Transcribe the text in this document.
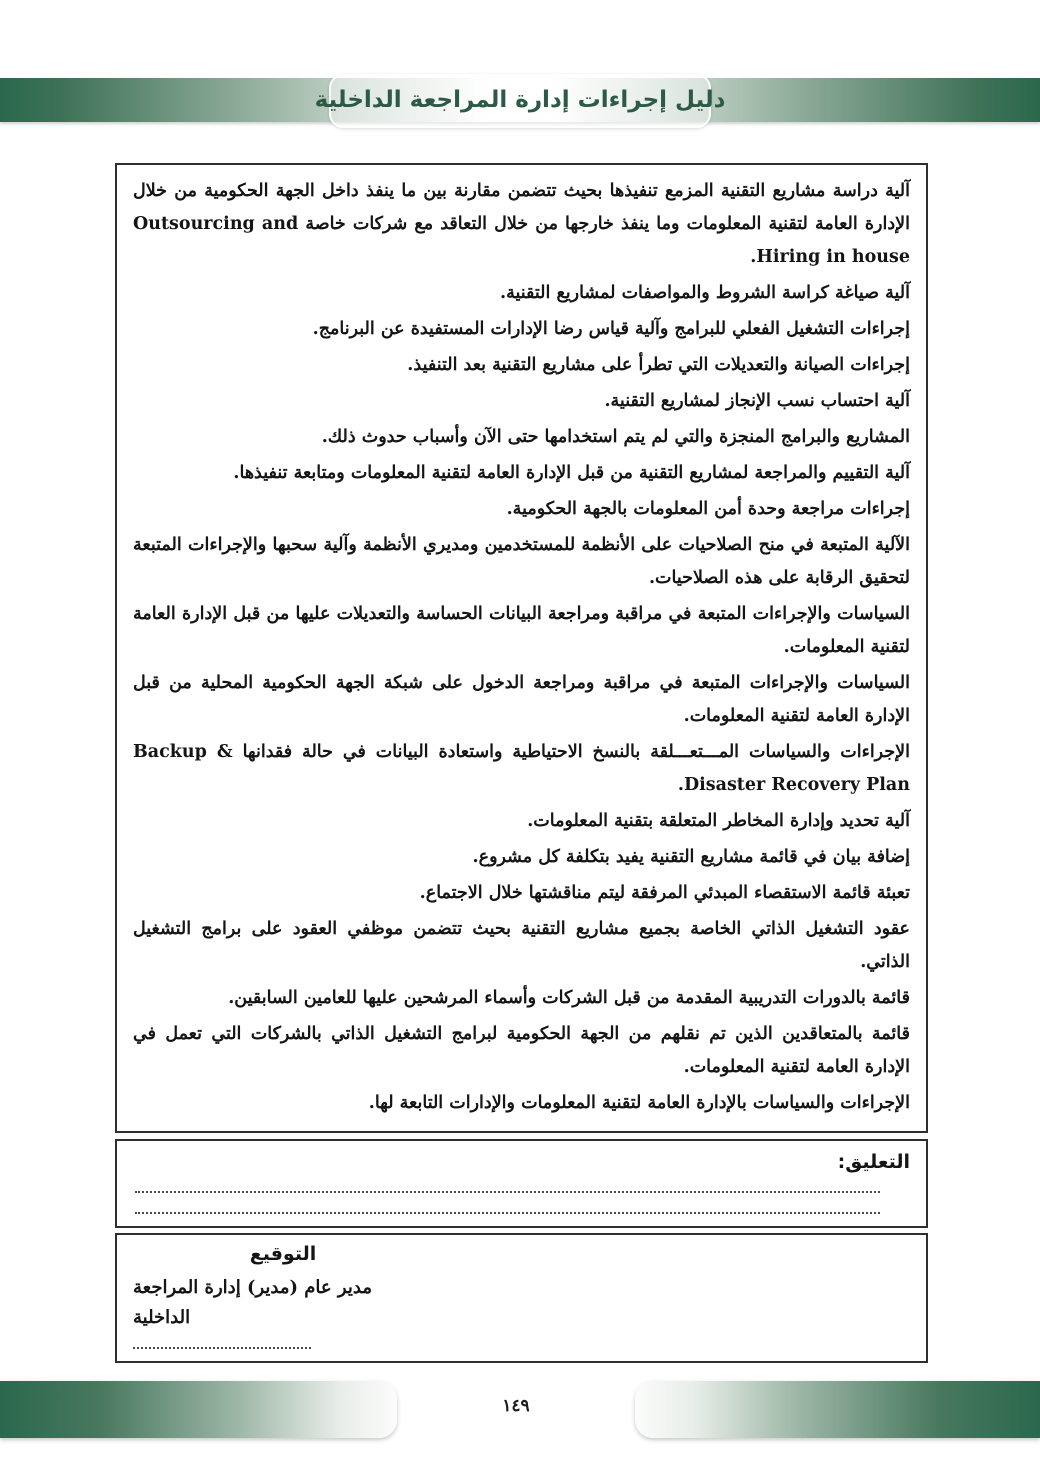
دليل إجراءات إدارة المراجعة الداخلية

آلية دراسة مشاريع التقنية المزمع تنفيذها بحيث تتضمن مقارنة بين ما ينفذ داخل الجهة الحكومية من خلال الإدارة العامة لتقنية المعلومات وما ينفذ خارجها من خلال التعاقد مع شركات خاصة Outsourcing and Hiring in house.

آلية صياغة كراسة الشروط والمواصفات لمشاريع التقنية.

إجراءات التشغيل الفعلي للبرامج وآلية قياس رضا الإدارات المستفيدة عن البرنامج.

إجراءات الصيانة والتعديلات التي تطرأ على مشاريع التقنية بعد التنفيذ.

آلية احتساب نسب الإنجاز لمشاريع التقنية.

المشاريع والبرامج المنجزة والتي لم يتم استخدامها حتى الآن وأسباب حدوث ذلك.

آلية التقييم والمراجعة لمشاريع التقنية من قبل الإدارة العامة لتقنية المعلومات ومتابعة تنفيذها.

إجراءات مراجعة وحدة أمن المعلومات بالجهة الحكومية.

الآلية المتبعة في منح الصلاحيات على الأنظمة للمستخدمين ومديري الأنظمة وآلية سحبها والإجراءات المتبعة لتحقيق الرقابة على هذه الصلاحيات.

السياسات والإجراءات المتبعة في مراقبة ومراجعة البيانات الحساسة والتعديلات عليها من قبل الإدارة العامة لتقنية المعلومات.

السياسات والإجراءات المتبعة في مراقبة ومراجعة الدخول على شبكة الجهة الحكومية المحلية من قبل الإدارة العامة لتقنية المعلومات.

الإجراءات والسياسات المـــتعـــلقة بالنسخ الاحتياطية واستعادة البيانات في حالة فقدانها Backup & Disaster Recovery Plan.

آلية تحديد وإدارة المخاطر المتعلقة بتقنية المعلومات.

إضافة بيان في قائمة مشاريع التقنية يفيد بتكلفة كل مشروع.

تعبئة قائمة الاستقصاء المبدئي المرفقة ليتم مناقشتها خلال الاجتماع.

عقود التشغيل الذاتي الخاصة بجميع مشاريع التقنية بحيث تتضمن موظفي العقود على برامج التشغيل الذاتي.

قائمة بالدورات التدريبية المقدمة من قبل الشركات وأسماء المرشحين عليها للعامين السابقين.

قائمة بالمتعاقدين الذين تم نقلهم من الجهة الحكومية لبرامج التشغيل الذاتي بالشركات التي تعمل في الإدارة العامة لتقنية المعلومات.

الإجراءات والسياسات بالإدارة العامة لتقنية المعلومات والإدارات التابعة لها.

التعليق:
التوقيع
مدير عام (مدير) إدارة المراجعة الداخلية
١٤٩
